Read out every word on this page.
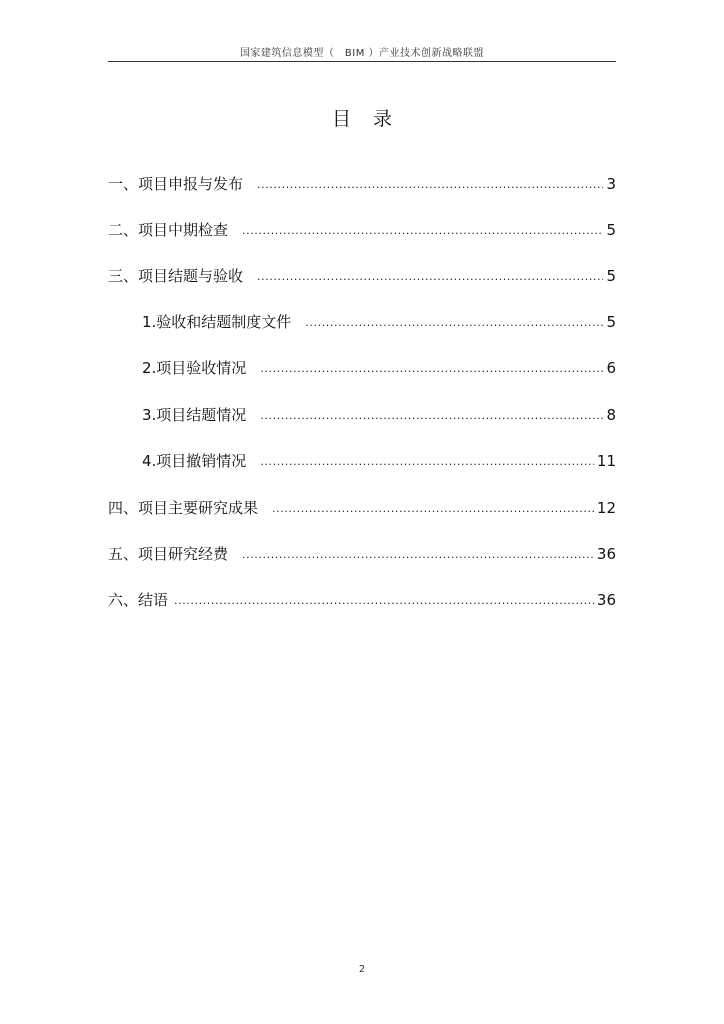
国家建筑信息模型（　BIM ）产业技术创新战略联盟
目录
一、项目申报与发布 .....	3
二、项目中期检查 .....	5
三、项目结题与验收 .....	5
1.验收和结题制度文件 .....	5
2.项目验收情况 .....	6
3.项目结题情况 .....	8
4.项目撤销情况 .....	11
四、项目主要研究成果 .....	12
五、项目研究经费 .....	36
六、结语 .....	36
2
